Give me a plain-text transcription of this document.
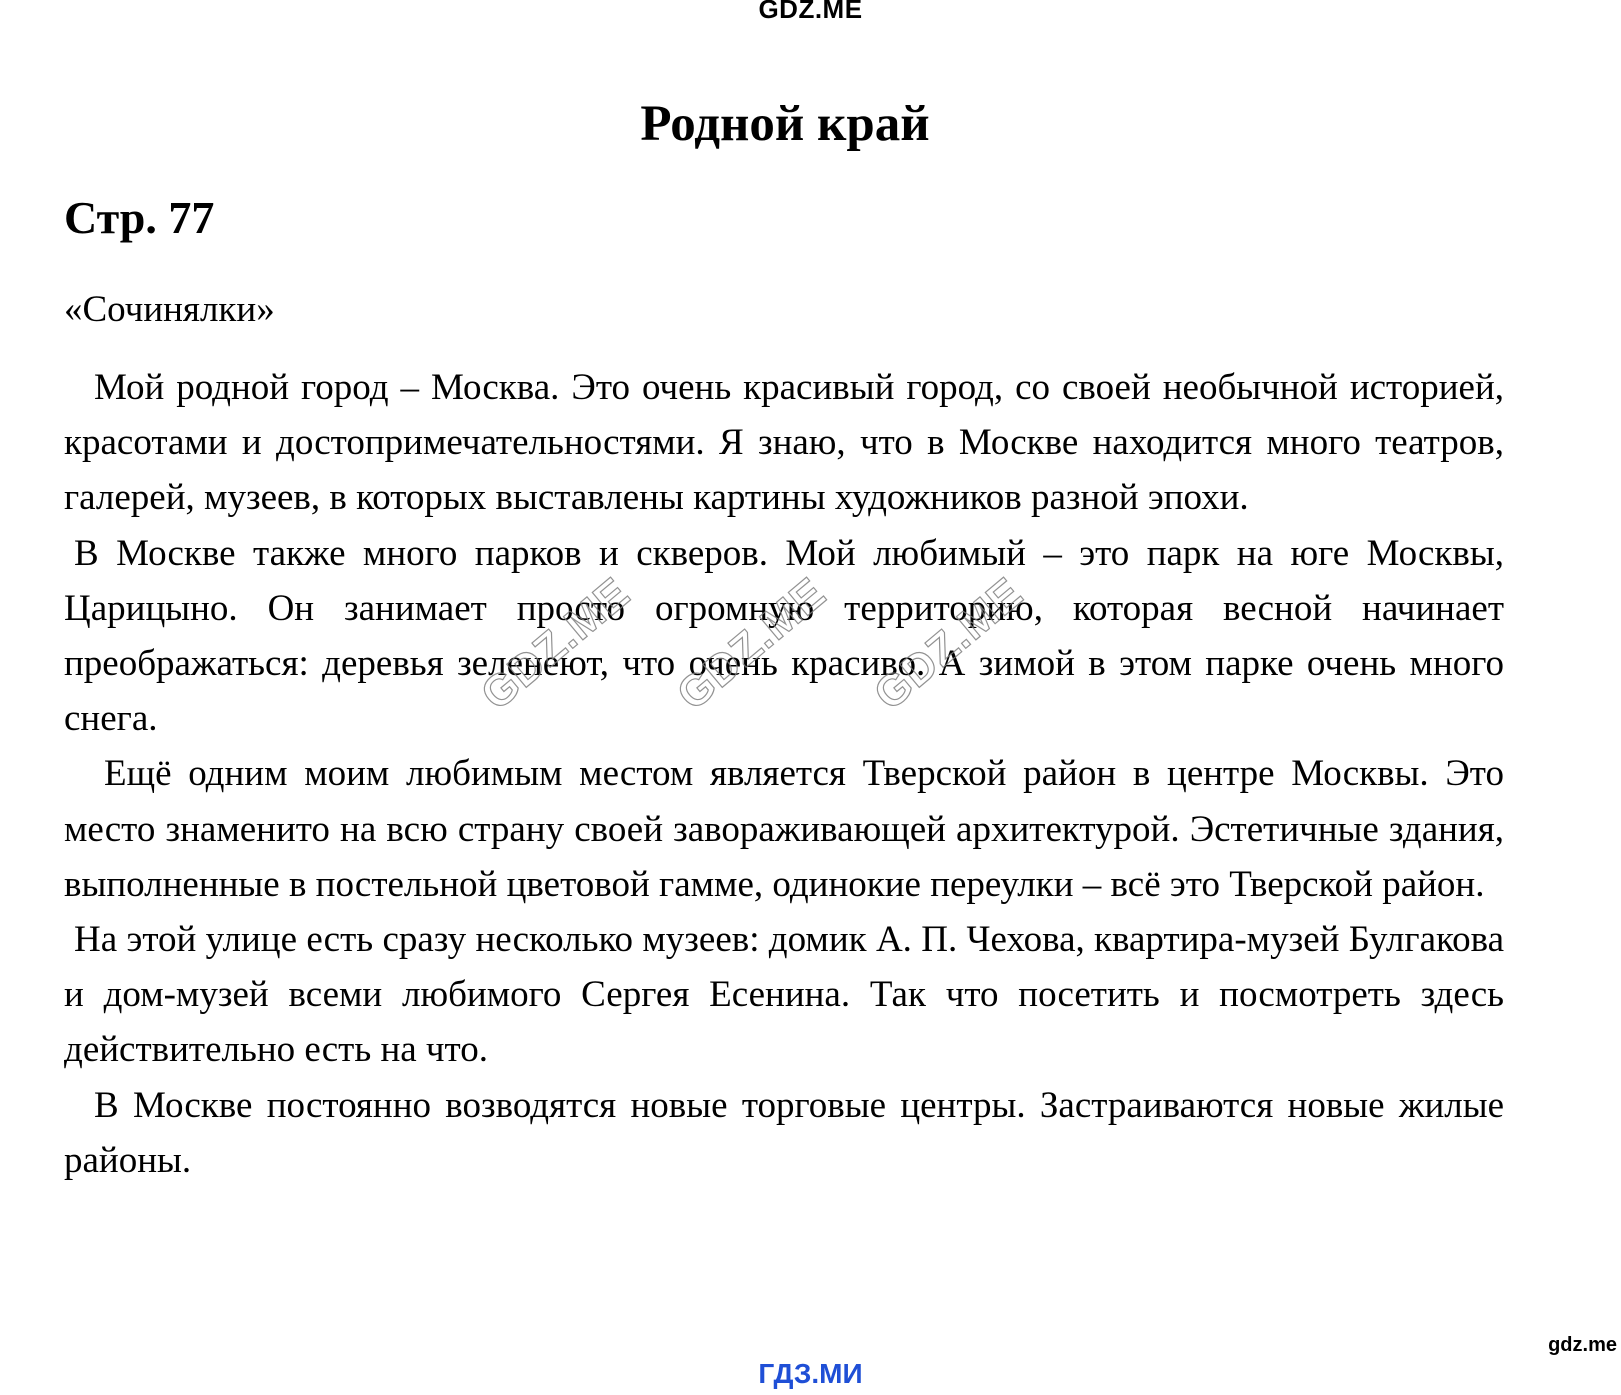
GDZ.ME
Родной край
Стр. 77

«Сочинялки»

Мой родной город – Москва. Это очень красивый город, со своей необычной историей, красотами и достопримечательностями. Я знаю, что в Москве находится много театров, галерей, музеев, в которых выставлены картины художников разной эпохи.

В Москве также много парков и скверов. Мой любимый – это парк на юге Москвы, Царицыно. Он занимает просто огромную территорию, которая весной начинает преображаться: деревья зеленеют, что очень красиво. А зимой в этом парке очень много снега.

Ещё одним моим любимым местом является Тверской район в центре Москвы. Это место знаменито на всю страну своей завораживающей архитектурой. Эстетичные здания, выполненные в постельной цветовой гамме, одинокие переулки – всё это Тверской район.

На этой улице есть сразу несколько музеев: домик А. П. Чехова, квартира-музей Булгакова и дом-музей всеми любимого Сергея Есенина. Так что посетить и посмотреть здесь действительно есть на что.

В Москве постоянно возводятся новые торговые центры. Застраиваются новые жилые районы.

GDZ.ME GDZ.ME GDZ.ME
gdz.me
ГДЗ.МИ
